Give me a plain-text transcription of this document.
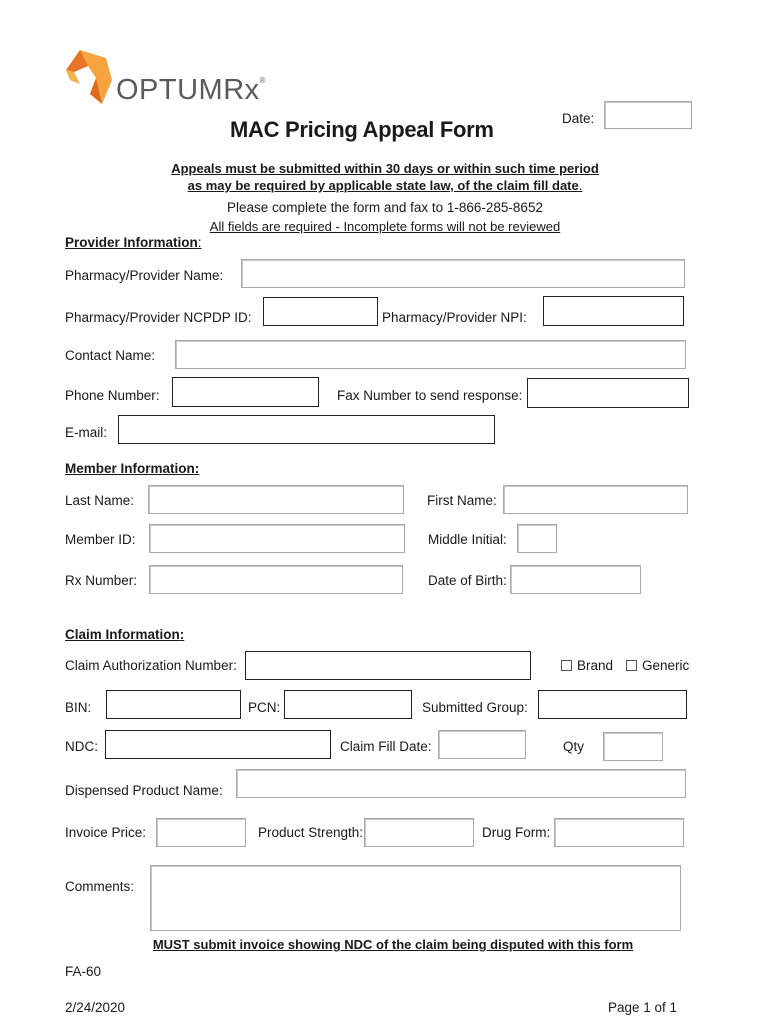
OPTUMRx®
MAC Pricing Appeal Form	Date:
Appeals must be submitted within 30 days or within such time period
as may be required by applicable state law, of the claim fill date.
Please complete the form and fax to 1-866-285-8652
All fields are required - Incomplete forms will not be reviewed
Provider Information:
Pharmacy/Provider Name:
Pharmacy/Provider NCPDP ID:	Pharmacy/Provider NPI:
Contact Name:
Phone Number:	Fax Number to send response:
E-mail:
Member Information:
Last Name:	First Name:
Member ID:	Middle Initial:
Rx Number:	Date of Birth:
Claim Information:
Claim Authorization Number:	Brand Generic
BIN:	PCN:	Submitted Group:
NDC:	Claim Fill Date:	Qty
Dispensed Product Name:
Invoice Price:	Product Strength:	Drug Form:
Comments:
MUST submit invoice showing NDC of the claim being disputed with this form
FA-60
2/24/2020	Page 1 of 1
